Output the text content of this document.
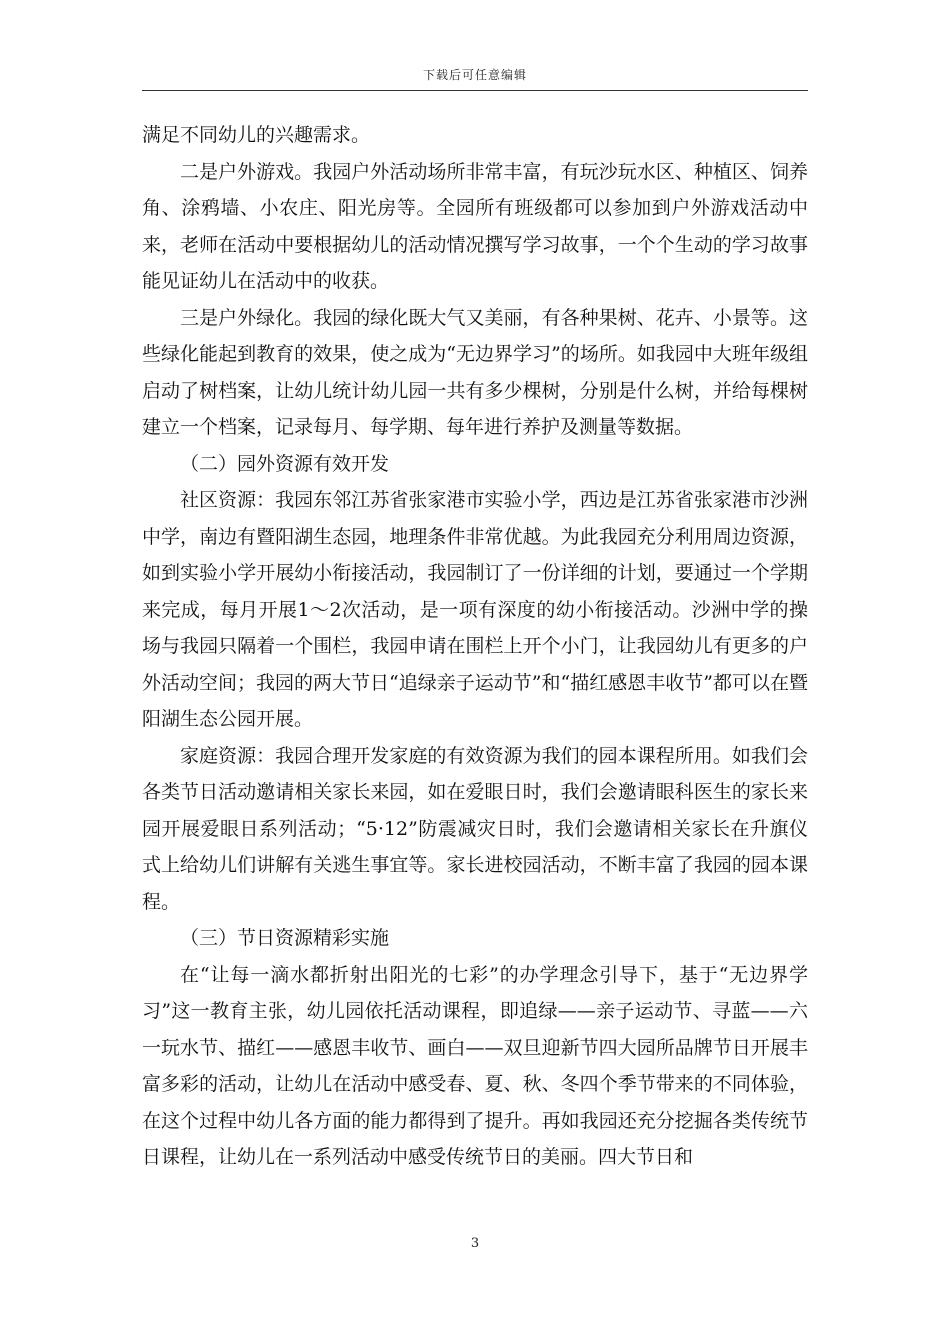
下载后可任意编辑

满足不同幼儿的兴趣需求。

二是户外游戏。我园户外活动场所非常丰富，有玩沙玩水区、种植区、饲养角、涂鸦墙、小农庄、阳光房等。全园所有班级都可以参加到户外游戏活动中来，老师在活动中要根据幼儿的活动情况撰写学习故事，一个个生动的学习故事能见证幼儿在活动中的收获。

三是户外绿化。我园的绿化既大气又美丽，有各种果树、花卉、小景等。这些绿化能起到教育的效果，使之成为“无边界学习”的场所。如我园中大班年级组启动了树档案，让幼儿统计幼儿园一共有多少棵树，分别是什么树，并给每棵树建立一个档案，记录每月、每学期、每年进行养护及测量等数据。

（二）园外资源有效开发

社区资源：我园东邻江苏省张家港市实验小学，西边是江苏省张家港市沙洲中学，南边有暨阳湖生态园，地理条件非常优越。为此我园充分利用周边资源，如到实验小学开展幼小衔接活动，我园制订了一份详细的计划，要通过一个学期来完成，每月开展1～2次活动，是一项有深度的幼小衔接活动。沙洲中学的操场与我园只隔着一个围栏，我园申请在围栏上开个小门，让我园幼儿有更多的户外活动空间；我园的两大节日“追绿亲子运动节”和“描红感恩丰收节”都可以在暨阳湖生态公园开展。

家庭资源：我园合理开发家庭的有效资源为我们的园本课程所用。如我们会各类节日活动邀请相关家长来园，如在爱眼日时，我们会邀请眼科医生的家长来园开展爱眼日系列活动；“5·12”防震减灾日时，我们会邀请相关家长在升旗仪式上给幼儿们讲解有关逃生事宜等。家长进校园活动，不断丰富了我园的园本课程。

（三）节日资源精彩实施

在“让每一滴水都折射出阳光的七彩”的办学理念引导下，基于“无边界学习”这一教育主张，幼儿园依托活动课程，即追绿——亲子运动节、寻蓝——六一玩水节、描红——感恩丰收节、画白——双旦迎新节四大园所品牌节日开展丰富多彩的活动，让幼儿在活动中感受春、夏、秋、冬四个季节带来的不同体验，在这个过程中幼儿各方面的能力都得到了提升。再如我园还充分挖掘各类传统节日课程，让幼儿在一系列活动中感受传统节日的美丽。四大节日和

3
